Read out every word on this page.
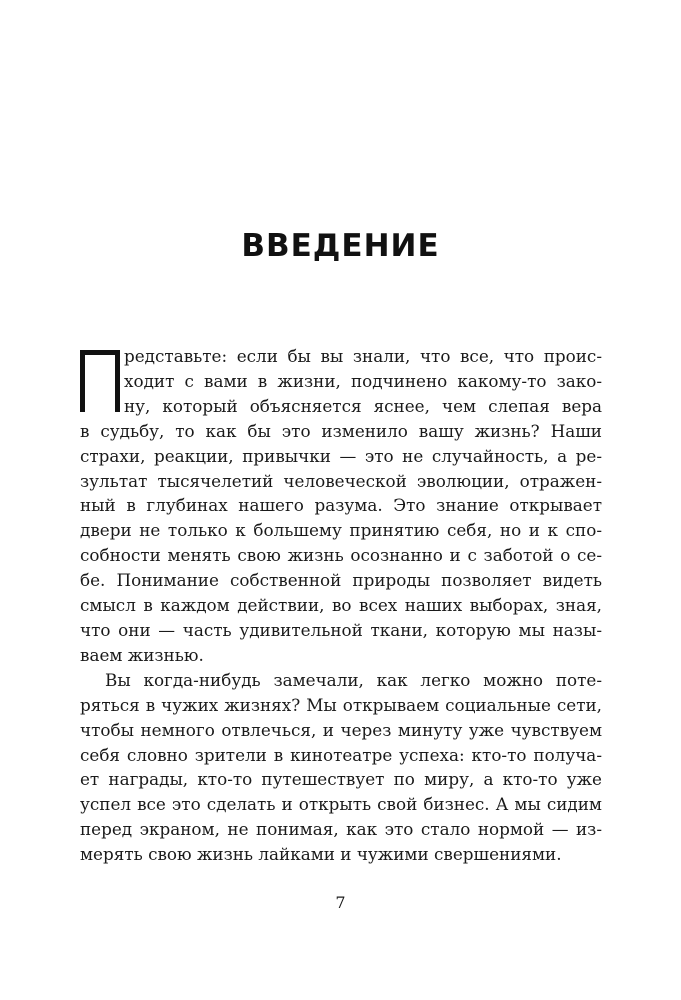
ВВЕДЕНИЕ
редставьте: если бы вы знали, что все, что проис-
ходит с вами в жизни, подчинено какому-то зако-
ну, который объясняется яснее, чем слепая вера
в судьбу, то как бы это изменило вашу жизнь? Наши
страхи, реакции, привычки — это не случайность, а ре-
зультат тысячелетий человеческой эволюции, отражен-
ный в глубинах нашего разума. Это знание открывает
двери не только к большему принятию себя, но и к спо-
собности менять свою жизнь осознанно и с заботой о се-
бе. Понимание собственной природы позволяет видеть
смысл в каждом действии, во всех наших выборах, зная,
что они — часть удивительной ткани, которую мы назы-
ваем жизнью.
Вы когда-нибудь замечали, как легко можно поте-
ряться в чужих жизнях? Мы открываем социальные сети,
чтобы немного отвлечься, и через минуту уже чувствуем
себя словно зрители в кинотеатре успеха: кто-то получа-
ет награды, кто-то путешествует по миру, а кто-то уже
успел все это сделать и открыть свой бизнес. А мы сидим
перед экраном, не понимая, как это стало нормой — из-
мерять свою жизнь лайками и чужими свершениями.
7
